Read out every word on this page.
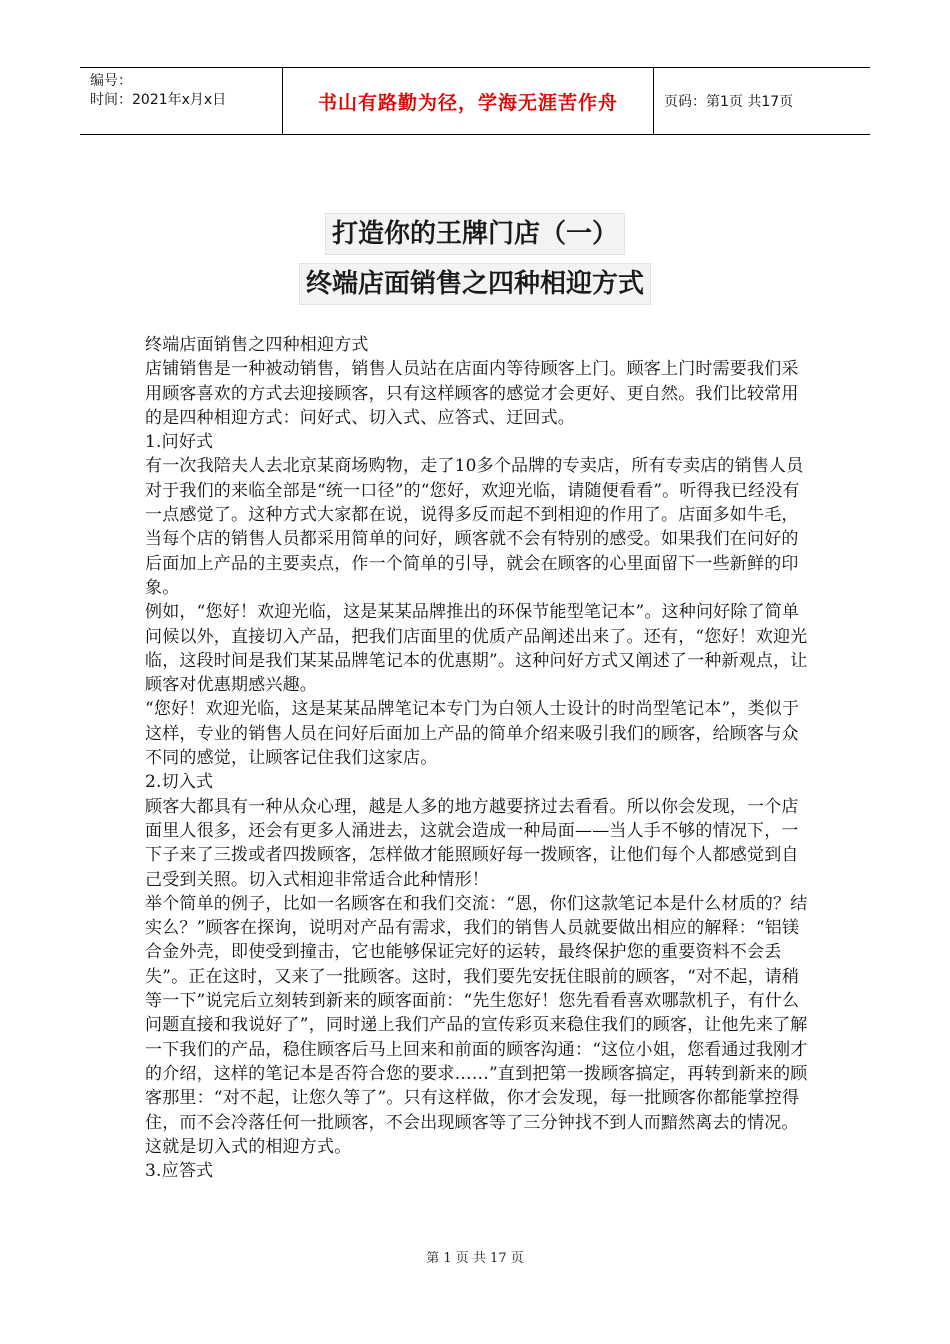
编号：
时间：2021年x月x日	书山有路勤为径，学海无涯苦作舟	页码：第1页 共17页
打造你的王牌门店（一）
终端店面销售之四种相迎方式

终端店面销售之四种相迎方式

店铺销售是一种被动销售，销售人员站在店面内等待顾客上门。顾客上门时需要我们采用顾客喜欢的方式去迎接顾客，只有这样顾客的感觉才会更好、更自然。我们比较常用的是四种相迎方式：问好式、切入式、应答式、迂回式。

1.问好式

有一次我陪夫人去北京某商场购物，走了10多个品牌的专卖店，所有专卖店的销售人员对于我们的来临全部是“统一口径”的“您好，欢迎光临，请随便看看”。听得我已经没有一点感觉了。这种方式大家都在说，说得多反而起不到相迎的作用了。店面多如牛毛，当每个店的销售人员都采用简单的问好，顾客就不会有特别的感受。如果我们在问好的后面加上产品的主要卖点，作一个简单的引导，就会在顾客的心里面留下一些新鲜的印象。

例如，“您好！欢迎光临，这是某某品牌推出的环保节能型笔记本”。这种问好除了简单问候以外，直接切入产品，把我们店面里的优质产品阐述出来了。还有，“您好！欢迎光临，这段时间是我们某某品牌笔记本的优惠期”。这种问好方式又阐述了一种新观点，让顾客对优惠期感兴趣。

“您好！欢迎光临，这是某某品牌笔记本专门为白领人士设计的时尚型笔记本”，类似于这样，专业的销售人员在问好后面加上产品的简单介绍来吸引我们的顾客，给顾客与众不同的感觉，让顾客记住我们这家店。

2.切入式

顾客大都具有一种从众心理，越是人多的地方越要挤过去看看。所以你会发现，一个店面里人很多，还会有更多人涌进去，这就会造成一种局面——当人手不够的情况下，一下子来了三拨或者四拨顾客，怎样做才能照顾好每一拨顾客，让他们每个人都感觉到自己受到关照。切入式相迎非常适合此种情形！

举个简单的例子，比如一名顾客在和我们交流：“恩，你们这款笔记本是什么材质的？结实么？”顾客在探询，说明对产品有需求，我们的销售人员就要做出相应的解释：“铝镁合金外壳，即使受到撞击，它也能够保证完好的运转，最终保护您的重要资料不会丢失”。正在这时，又来了一批顾客。这时，我们要先安抚住眼前的顾客，“对不起，请稍等一下”说完后立刻转到新来的顾客面前：“先生您好！您先看看喜欢哪款机子，有什么问题直接和我说好了”，同时递上我们产品的宣传彩页来稳住我们的顾客，让他先来了解一下我们的产品，稳住顾客后马上回来和前面的顾客沟通：“这位小姐，您看通过我刚才的介绍，这样的笔记本是否符合您的要求……”直到把第一拨顾客搞定，再转到新来的顾客那里：“对不起，让您久等了”。只有这样做，你才会发现，每一批顾客你都能掌控得住，而不会冷落任何一批顾客，不会出现顾客等了三分钟找不到人而黯然离去的情况。这就是切入式的相迎方式。

3.应答式

第 1 页 共 17 页
